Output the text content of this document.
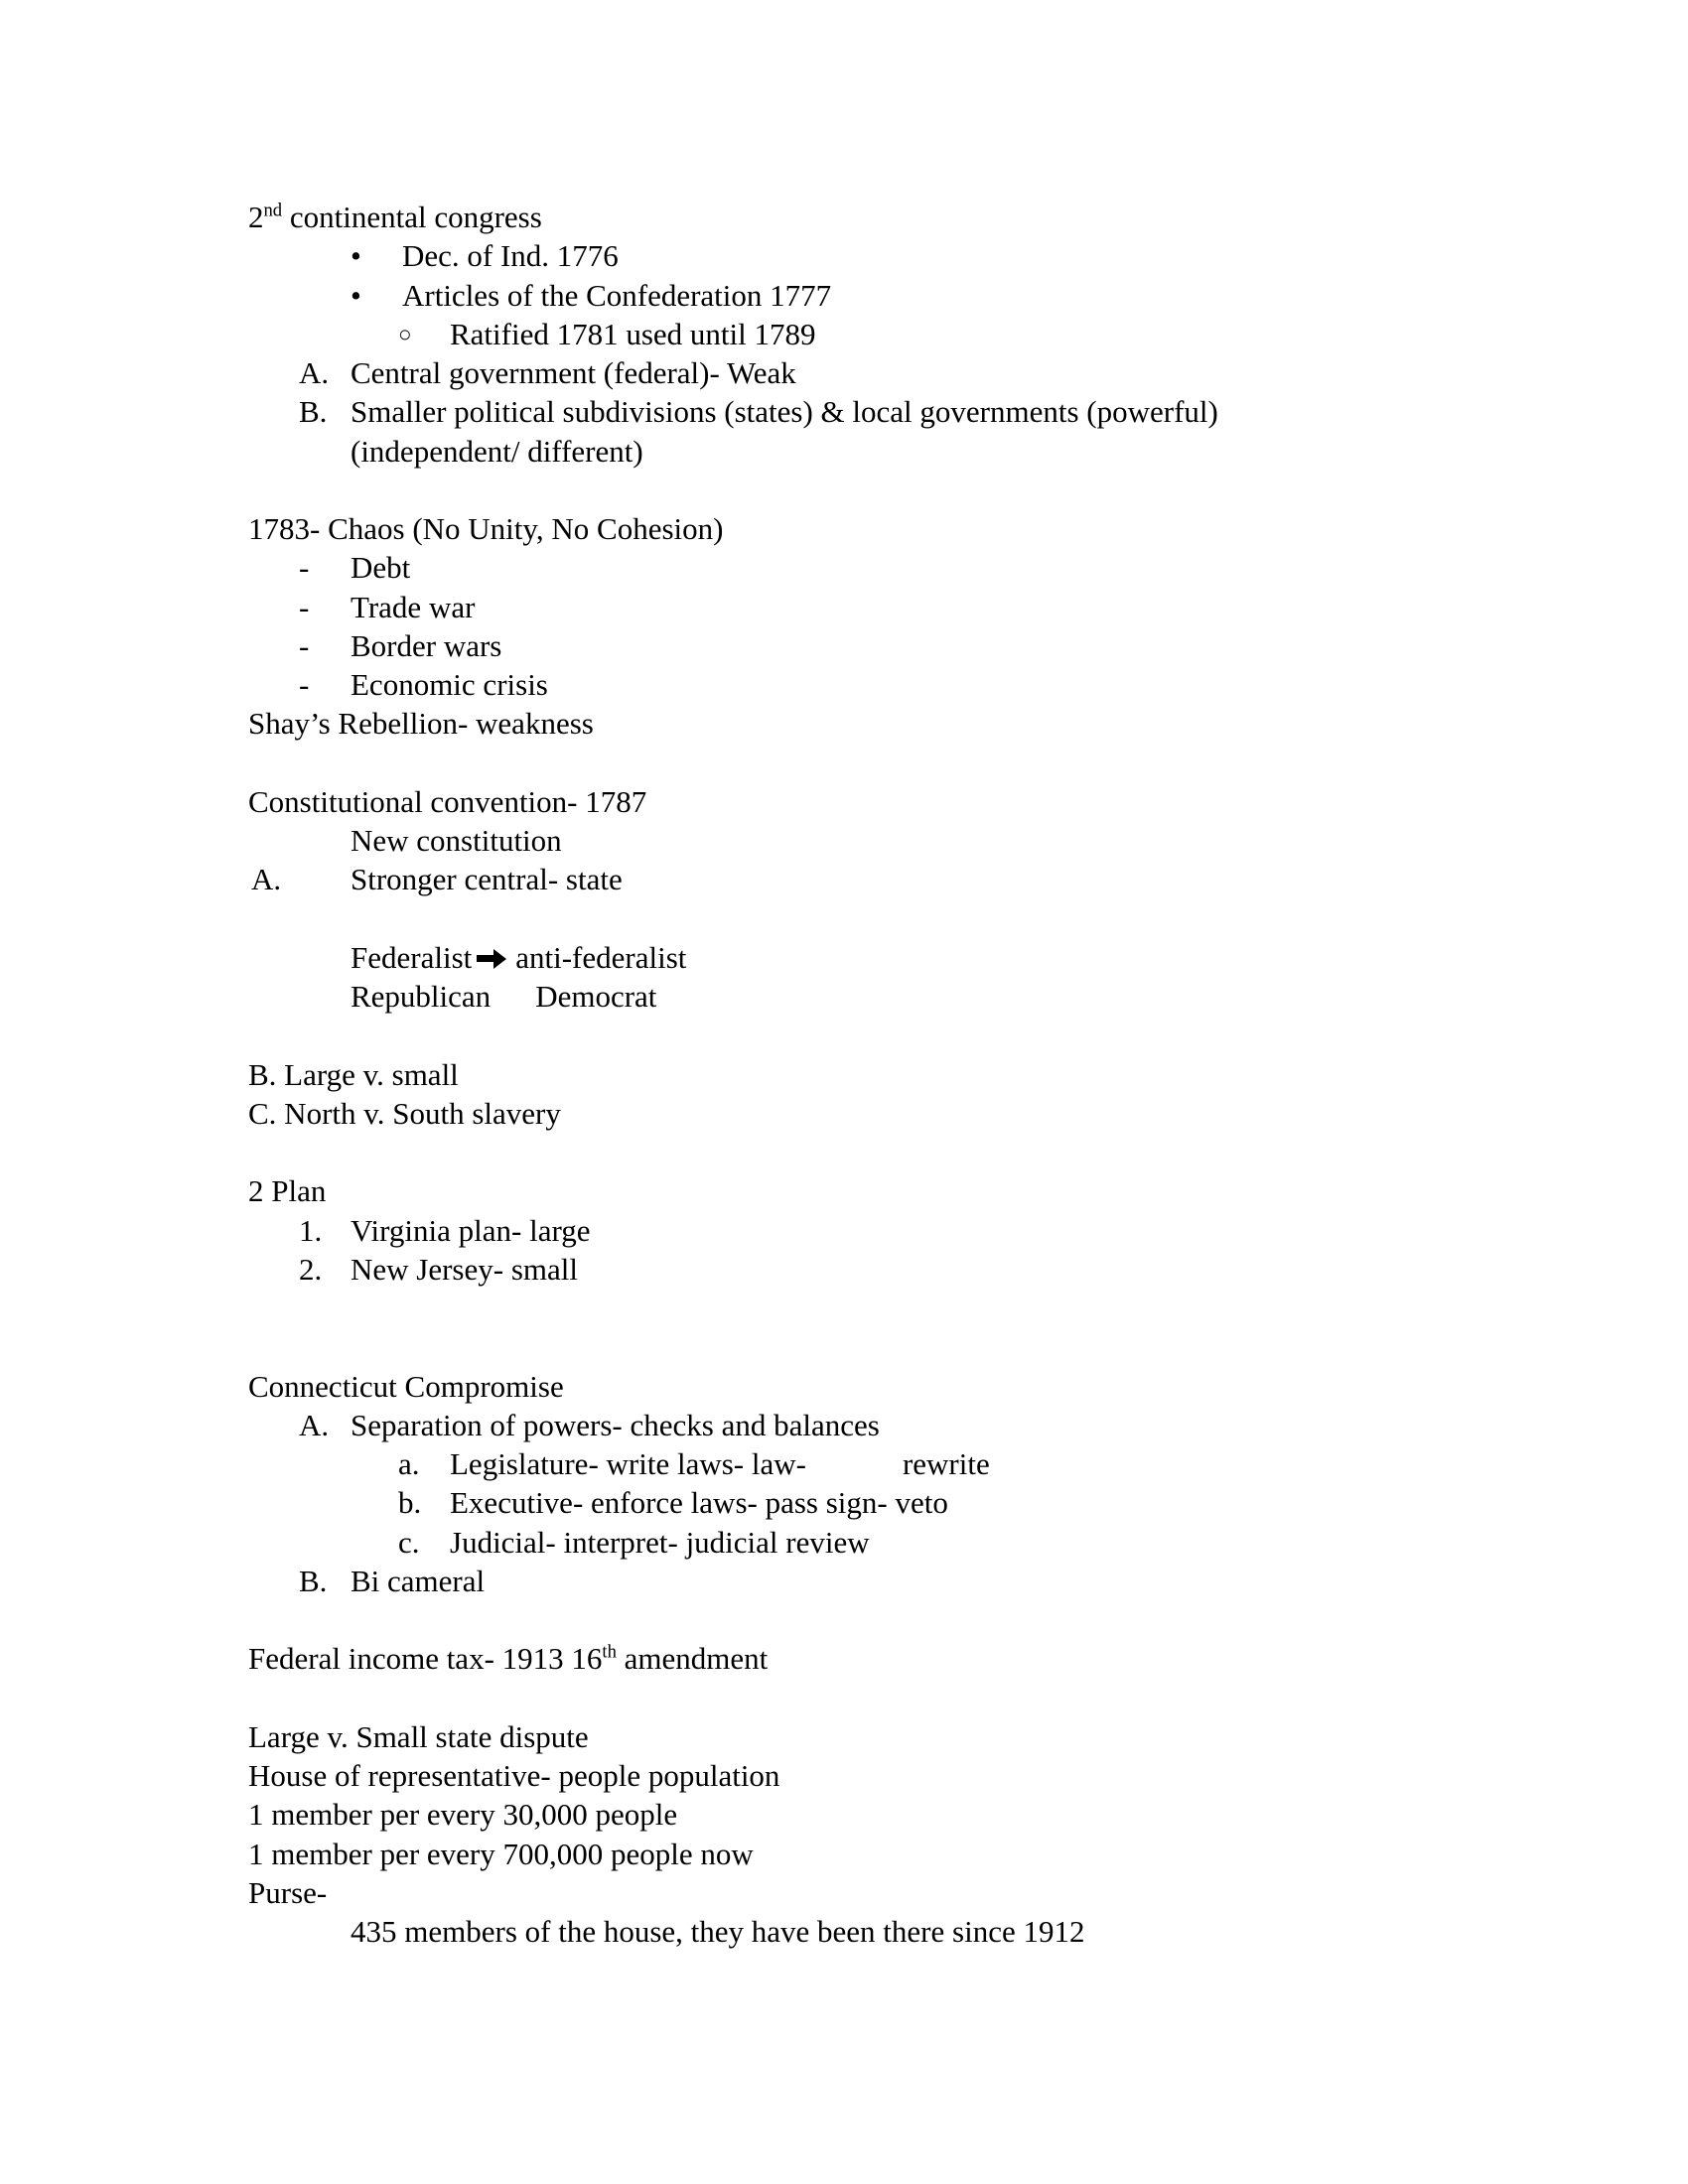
2nd continental congress
• Dec. of Ind. 1776
• Articles of the Confederation 1777
○ Ratified 1781 used until 1789
A. Central government (federal)- Weak
B. Smaller political subdivisions (states) & local governments (powerful)
(independent/ different)
1783- Chaos (No Unity, No Cohesion)
- Debt
- Trade war
- Border wars
- Economic crisis
Shay’s Rebellion- weakness
Constitutional convention- 1787
New constitution
A. Stronger central- state
Federalist anti-federalist
Republican Democrat
B. Large v. small
C. North v. South slavery
2 Plan
1. Virginia plan- large
2. New Jersey- small
Connecticut Compromise
A. Separation of powers- checks and balances
a. Legislature- write laws- law-	rewrite
b. Executive- enforce laws- pass sign- veto
c. Judicial- interpret- judicial review
B. Bi cameral
Federal income tax- 1913 16th amendment
Large v. Small state dispute
House of representative- people population
1 member per every 30,000 people
1 member per every 700,000 people now
Purse-
435 members of the house, they have been there since 1912
